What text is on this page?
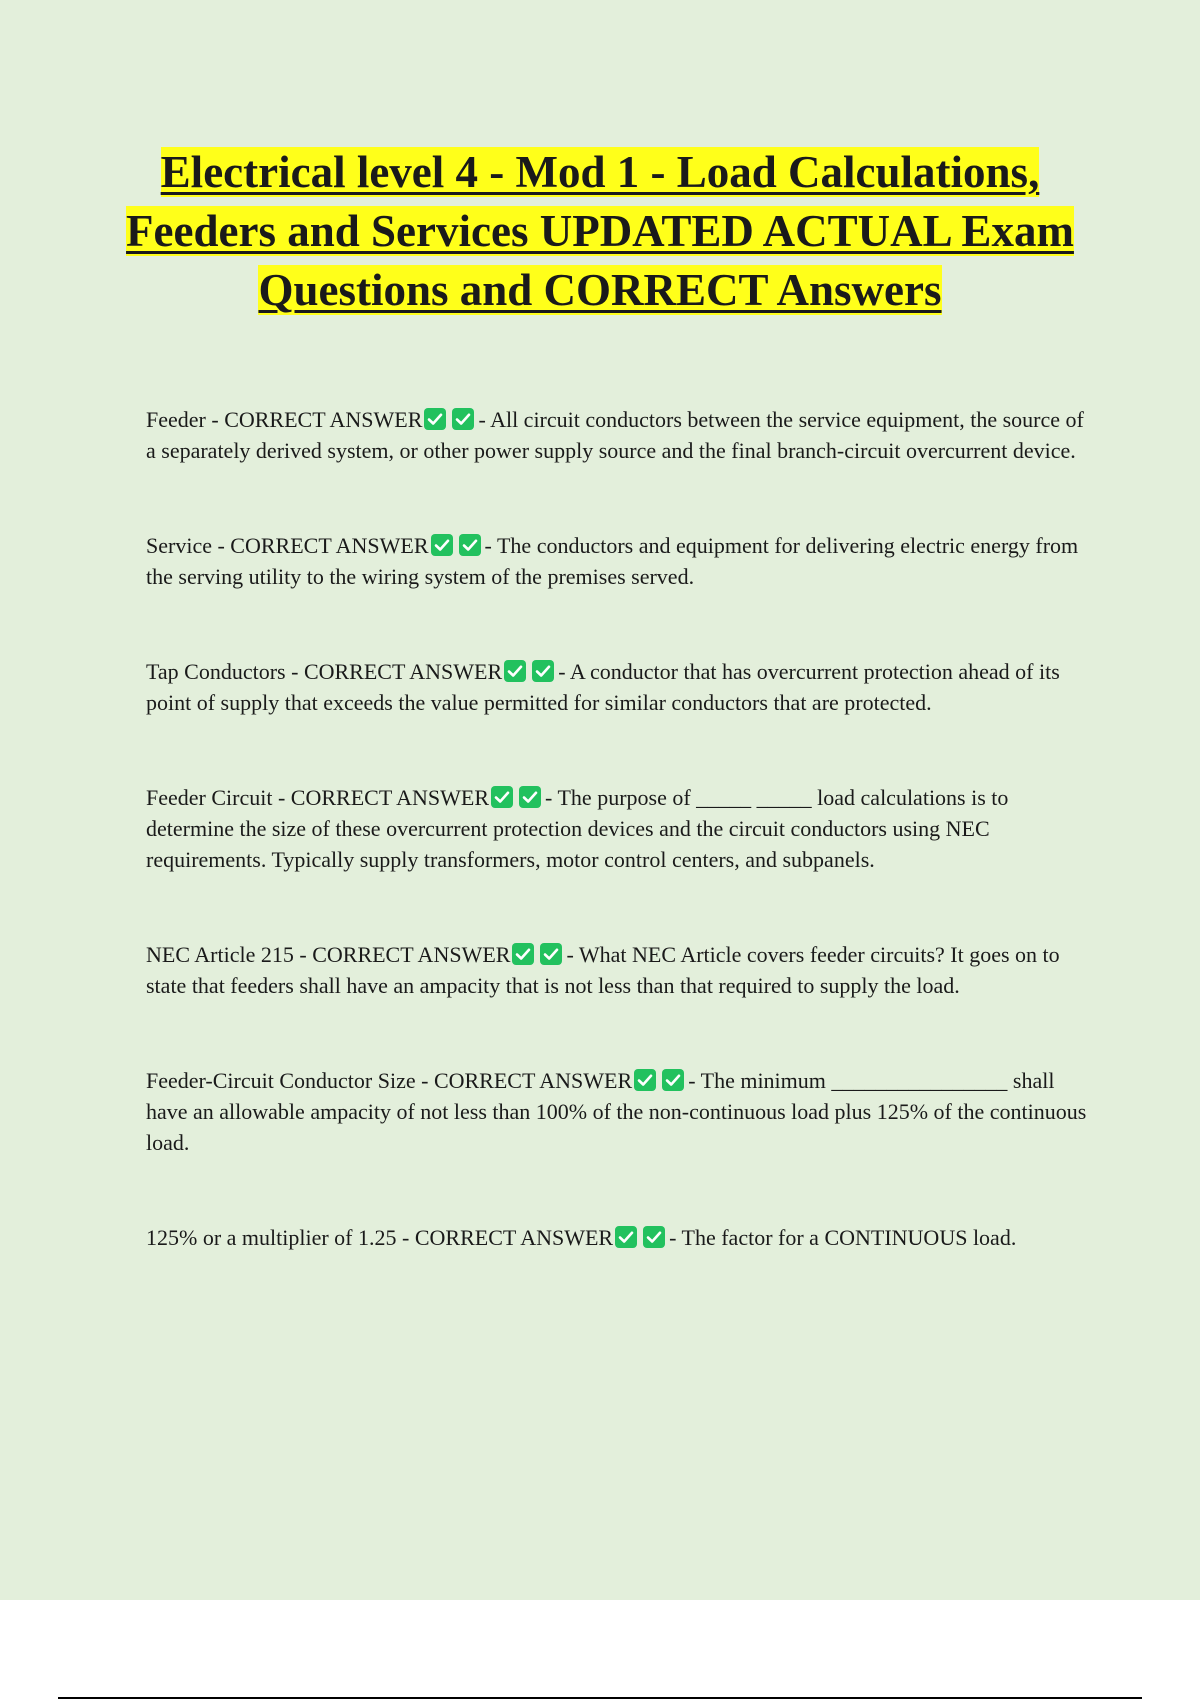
Electrical level 4 - Mod 1 - Load Calculations, Feeders and Services UPDATED ACTUAL Exam Questions and CORRECT Answers

Feeder - CORRECT ANSWER	- All circuit conductors between the service equipment, the source of a separately derived system, or other power supply source and the final branch-circuit overcurrent device.

Service - CORRECT ANSWER	- The conductors and equipment for delivering electric energy from the serving utility to the wiring system of the premises served.

Tap Conductors - CORRECT ANSWER	- A conductor that has overcurrent protection ahead of its point of supply that exceeds the value permitted for similar conductors that are protected.

Feeder Circuit - CORRECT ANSWER	- The purpose of _____ _____ load calculations is to determine the size of these overcurrent protection devices and the circuit conductors using NEC requirements. Typically supply transformers, motor control centers, and subpanels.

NEC Article 215 - CORRECT ANSWER	- What NEC Article covers feeder circuits? It goes on to state that feeders shall have an ampacity that is not less than that required to supply the load.

Feeder-Circuit Conductor Size - CORRECT ANSWER	- The minimum ________________ shall have an allowable ampacity of not less than 100% of the non-continuous load plus 125% of the continuous load.

125% or a multiplier of 1.25 - CORRECT ANSWER	- The factor for a CONTINUOUS load.
